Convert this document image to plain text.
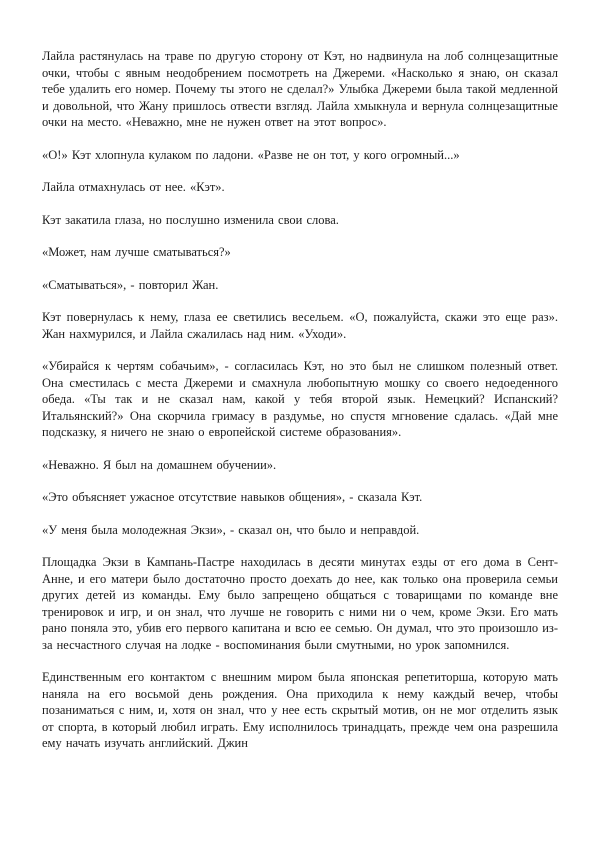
Лайла растянулась на траве по другую сторону от Кэт, но надвинула на лоб солнцезащитные очки, чтобы с явным неодобрением посмотреть на Джереми. «Насколько я знаю, он сказал тебе удалить его номер. Почему ты этого не сделал?» Улыбка Джереми была такой медленной и довольной, что Жану пришлось отвести взгляд. Лайла хмыкнула и вернула солнцезащитные очки на место. «Неважно, мне не нужен ответ на этот вопрос».

«О!» Кэт хлопнула кулаком по ладони. «Разве не он тот, у кого огромный...»

Лайла отмахнулась от нее. «Кэт».

Кэт закатила глаза, но послушно изменила свои слова.

«Может, нам лучше сматываться?»

«Сматываться», - повторил Жан.

Кэт повернулась к нему, глаза ее светились весельем. «О, пожалуйста, скажи это еще раз». Жан нахмурился, и Лайла сжалилась над ним. «Уходи».

«Убирайся к чертям собачьим», - согласилась Кэт, но это был не слишком полезный ответ. Она сместилась с места Джереми и смахнула любопытную мошку со своего недоеденного обеда. «Ты так и не сказал нам, какой у тебя второй язык. Немецкий? Испанский? Итальянский?» Она скорчила гримасу в раздумье, но спустя мгновение сдалась. «Дай мне подсказку, я ничего не знаю о европейской системе образования».

«Неважно. Я был на домашнем обучении».

«Это объясняет ужасное отсутствие навыков общения», - сказала Кэт.

«У меня была молодежная Экзи», - сказал он, что было и неправдой.

Площадка Экзи в Кампань-Пастре находилась в десяти минутах езды от его дома в Сент-Анне, и его матери было достаточно просто доехать до нее, как только она проверила семьи других детей из команды. Ему было запрещено общаться с товарищами по команде вне тренировок и игр, и он знал, что лучше не говорить с ними ни о чем, кроме Экзи. Его мать рано поняла это, убив его первого капитана и всю ее семью. Он думал, что это произошло из-за несчастного случая на лодке - воспоминания были смутными, но урок запомнился.

Единственным его контактом с внешним миром была японская репетиторша, которую мать наняла на его восьмой день рождения. Она приходила к нему каждый вечер, чтобы позаниматься с ним, и, хотя он знал, что у нее есть скрытый мотив, он не мог отделить язык от спорта, в который любил играть. Ему исполнилось тринадцать, прежде чем она разрешила ему начать изучать английский. Джин
